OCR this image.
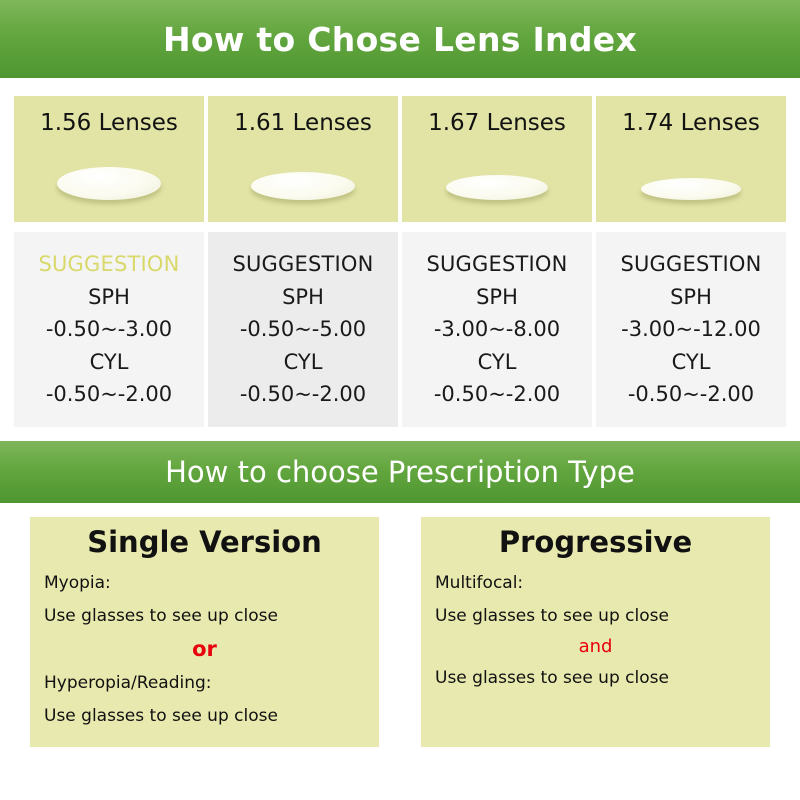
How to Chose Lens Index
1.56 Lenses 1.61 Lenses 1.67 Lenses 1.74 Lenses
SUGGESTION
SPH
-0.50~-3.00
CYL
-0.50~-2.00
SUGGESTION
SPH
-0.50~-5.00
CYL
-0.50~-2.00
SUGGESTION
SPH
-3.00~-8.00
CYL
-0.50~-2.00
SUGGESTION
SPH
-3.00~-12.00
CYL
-0.50~-2.00
How to choose Prescription Type
Single Version
Myopia:
Use glasses to see up close
or
Hyperopia/Reading:
Use glasses to see up close
Progressive
Multifocal:
Use glasses to see up close
and
Use glasses to see up close
